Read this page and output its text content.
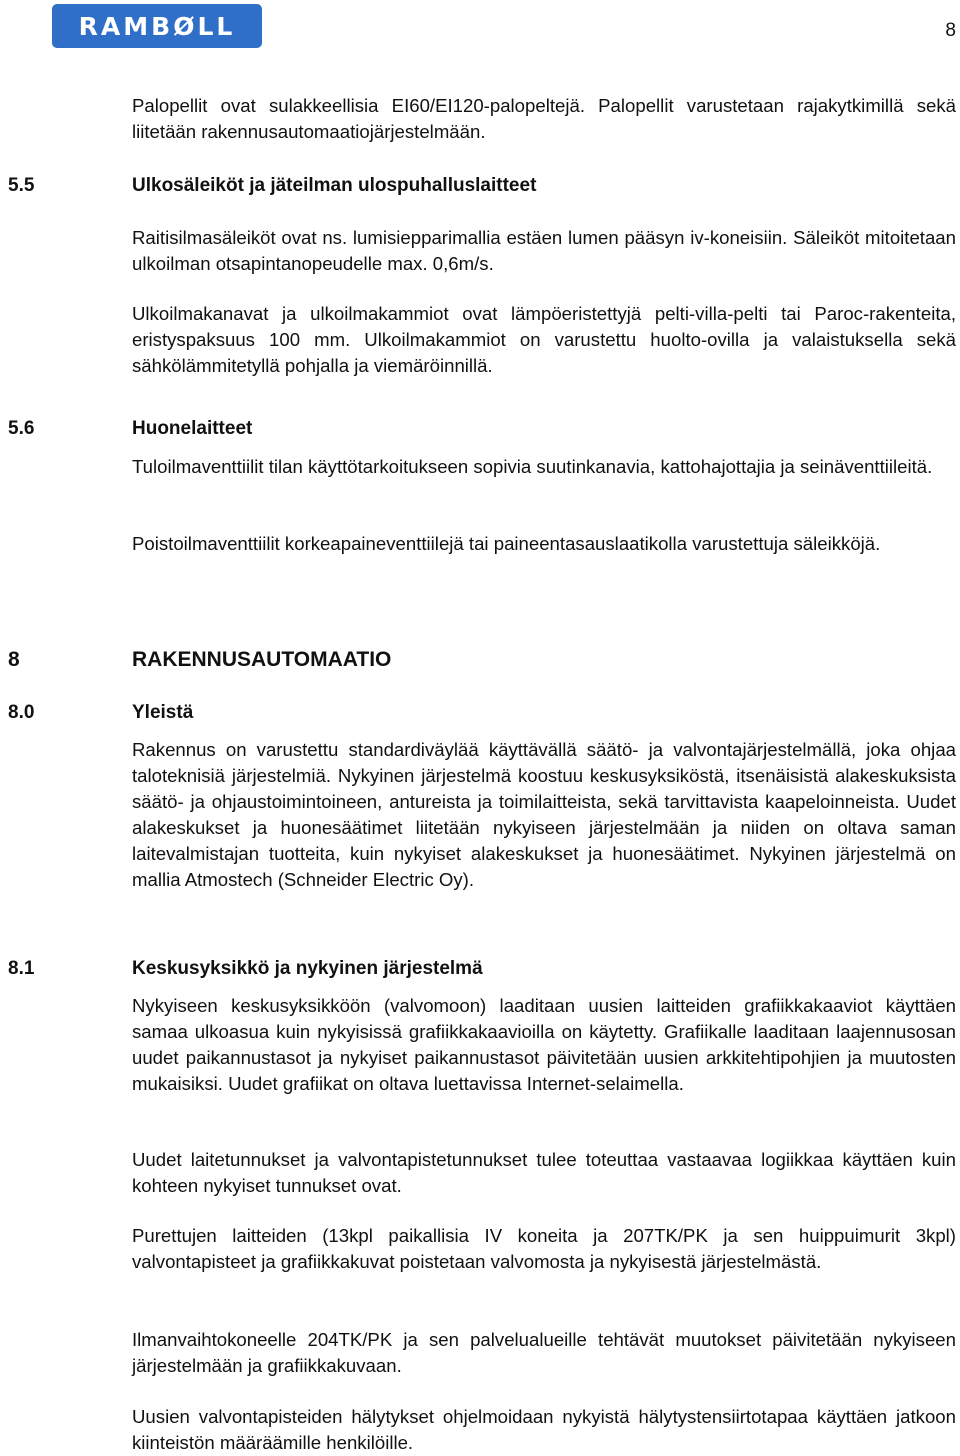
RAMBØLL	8

Palopellit ovat sulakkeellisia EI60/EI120-palopeltejä. Palopellit varustetaan rajakytkimillä sekä liitetään rakennusautomaatiojärjestelmään.

5.5	Ulkosäleiköt ja jäteilman ulospuhalluslaitteet

Raitisilmasäleiköt ovat ns. lumisiepparimallia estäen lumen pääsyn iv-koneisiin. Säleiköt mitoitetaan ulkoilman otsapintanopeudelle max. 0,6m/s.

Ulkoilmakanavat ja ulkoilmakammiot ovat lämpöeristettyjä pelti-villa-pelti tai Paroc-rakenteita, eristyspaksuus 100 mm. Ulkoilmakammiot on varustettu huolto-ovilla ja valaistuksella sekä sähkölämmitetyllä pohjalla ja viemäröinnillä.

5.6	Huonelaitteet

Tuloilmaventtiilit tilan käyttötarkoitukseen sopivia suutinkanavia, kattohajottajia ja seinäventtiileitä.

Poistoilmaventtiilit korkeapaineventtiilejä tai paineentasauslaatikolla varustettuja säleikköjä.

8	RAKENNUSAUTOMAATIO
8.0	Yleistä

Rakennus on varustettu standardiväylää käyttävällä säätö- ja valvontajärjestelmällä, joka ohjaa taloteknisiä järjestelmiä. Nykyinen järjestelmä koostuu keskusyksiköstä, itsenäisistä alakeskuksista säätö- ja ohjaustoimintoineen, antureista ja toimilaitteista, sekä tarvittavista kaapeloinneista. Uudet alakeskukset ja huonesäätimet liitetään nykyiseen järjestelmään ja niiden on oltava saman laitevalmistajan tuotteita, kuin nykyiset alakeskukset ja huonesäätimet. Nykyinen järjestelmä on mallia Atmostech (Schneider Electric Oy).

8.1	Keskusyksikkö ja nykyinen järjestelmä

Nykyiseen keskusyksikköön (valvomoon) laaditaan uusien laitteiden grafiikkakaaviot käyttäen samaa ulkoasua kuin nykyisissä grafiikkakaavioilla on käytetty. Grafiikalle laaditaan laajennusosan uudet paikannustasot ja nykyiset paikannustasot päivitetään uusien arkkitehtipohjien ja muutosten mukaisiksi. Uudet grafiikat on oltava luettavissa Internet-selaimella.

Uudet laitetunnukset ja valvontapistetunnukset tulee toteuttaa vastaavaa logiikkaa käyttäen kuin kohteen nykyiset tunnukset ovat.

Purettujen laitteiden (13kpl paikallisia IV koneita ja 207TK/PK ja sen huippuimurit 3kpl) valvontapisteet ja grafiikkakuvat poistetaan valvomosta ja nykyisestä järjestelmästä.

Ilmanvaihtokoneelle 204TK/PK ja sen palvelualueille tehtävät muutokset päivitetään nykyiseen järjestelmään ja grafiikkakuvaan.

Uusien valvontapisteiden hälytykset ohjelmoidaan nykyistä hälytystensiirtotapaa käyttäen jatkoon kiinteistön määräämille henkilöille.
